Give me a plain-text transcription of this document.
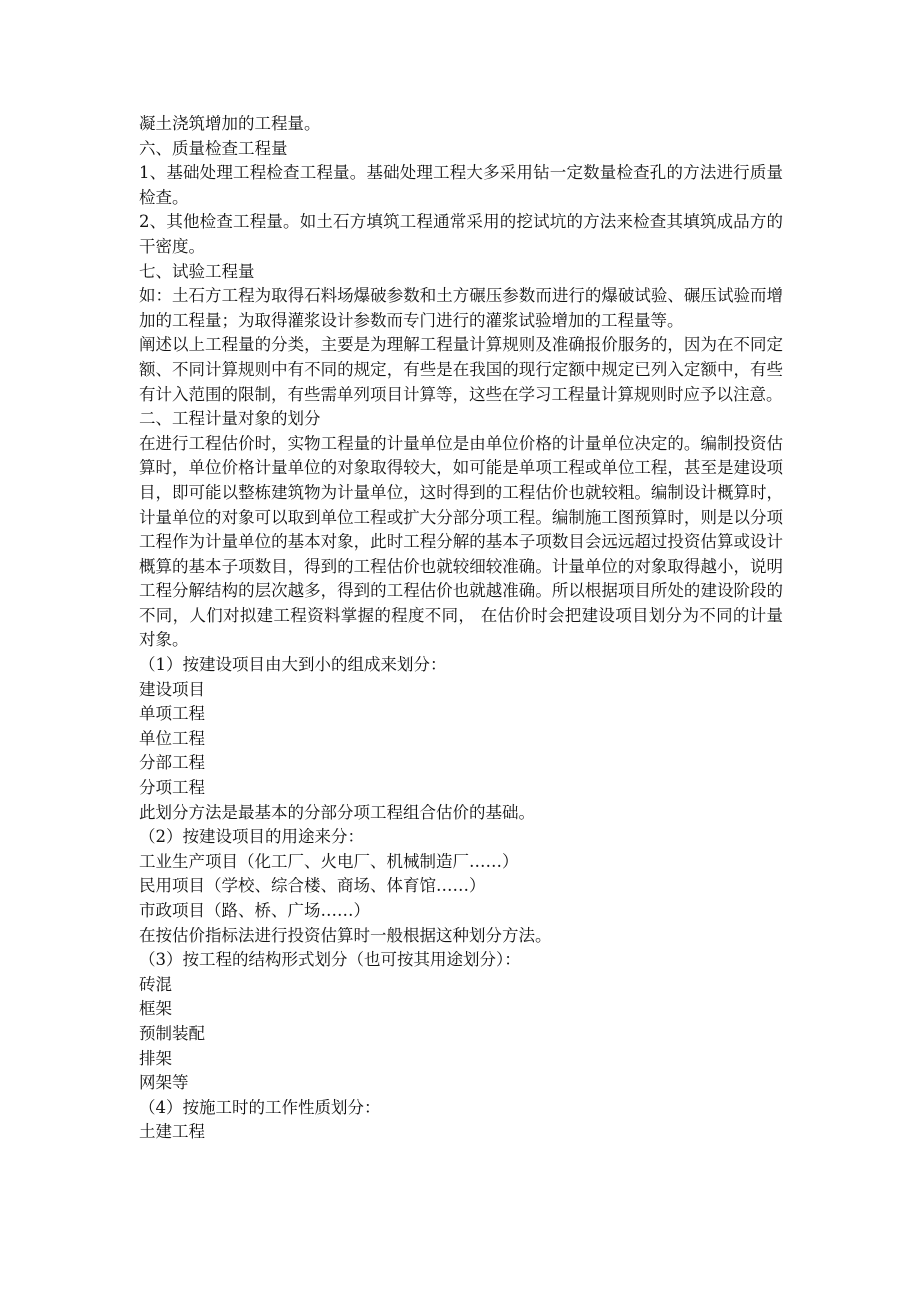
凝土浇筑增加的工程量。

六、质量检查工程量

1、基础处理工程检查工程量。基础处理工程大多采用钻一定数量检查孔的方法进行质量检查。

2、其他检查工程量。如土石方填筑工程通常采用的挖试坑的方法来检查其填筑成品方的干密度。

七、试验工程量

如：土石方工程为取得石料场爆破参数和土方碾压参数而进行的爆破试验、碾压试验而增加的工程量；为取得灌浆设计参数而专门进行的灌浆试验增加的工程量等。

阐述以上工程量的分类，主要是为理解工程量计算规则及准确报价服务的，因为在不同定额、不同计算规则中有不同的规定，有些是在我国的现行定额中规定已列入定额中，有些有计入范围的限制，有些需单列项目计算等，这些在学习工程量计算规则时应予以注意。

二、工程计量对象的划分

在进行工程估价时，实物工程量的计量单位是由单位价格的计量单位决定的。编制投资估算时，单位价格计量单位的对象取得较大，如可能是单项工程或单位工程，甚至是建设项目，即可能以整栋建筑物为计量单位，这时得到的工程估价也就较粗。编制设计概算时，计量单位的对象可以取到单位工程或扩大分部分项工程。编制施工图预算时，则是以分项工程作为计量单位的基本对象，此时工程分解的基本子项数目会远远超过投资估算或设计概算的基本子项数目，得到的工程估价也就较细较准确。计量单位的对象取得越小，说明工程分解结构的层次越多，得到的工程估价也就越准确。所以根据项目所处的建设阶段的不同，人们对拟建工程资料掌握的程度不同， 在估价时会把建设项目划分为不同的计量对象。

（1）按建设项目由大到小的组成来划分：

建设项目

单项工程

单位工程

分部工程

分项工程

此划分方法是最基本的分部分项工程组合估价的基础。

（2）按建设项目的用途来分：

工业生产项目（化工厂、火电厂、机械制造厂……）

民用项目（学校、综合楼、商场、体育馆……）

市政项目（路、桥、广场……）

在按估价指标法进行投资估算时一般根据这种划分方法。

（3）按工程的结构形式划分（也可按其用途划分）：

砖混

框架

预制装配

排架

网架等

（4）按施工时的工作性质划分：

土建工程
